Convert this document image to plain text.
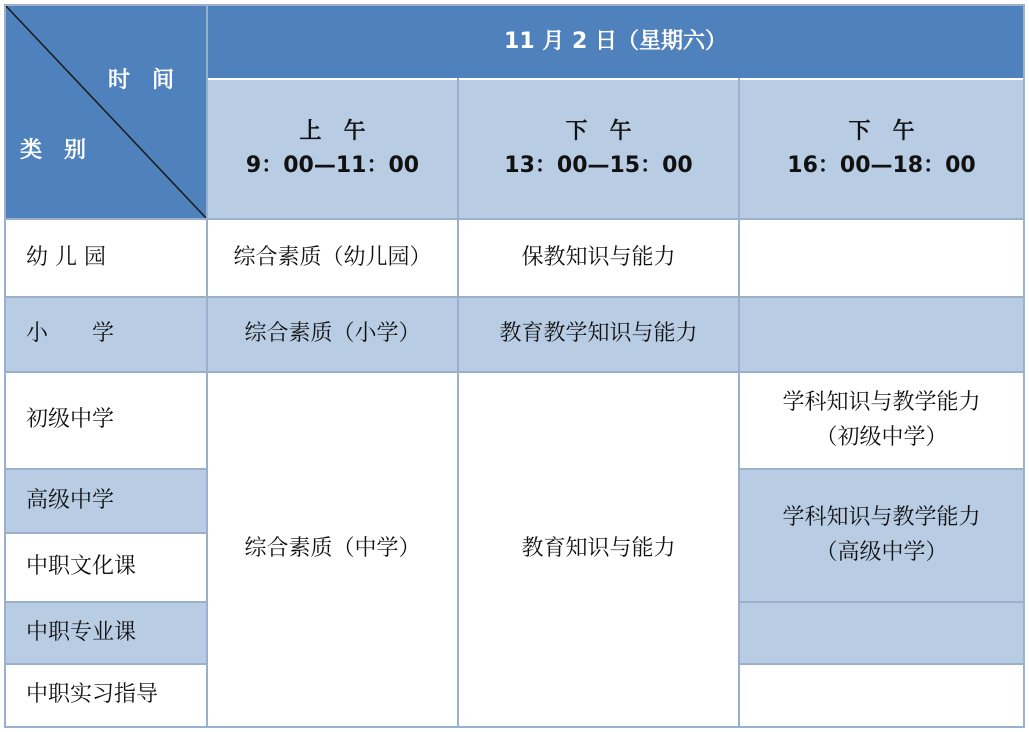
时　间
类　别
11 月 2 日（星期六）
上　午
9：00—11：00
下　午
13：00—15：00
下　午
16：00—18：00
幼 儿 园
小　　学
初级中学
高级中学
中职文化课
中职专业课
中职实习指导
综合素质（幼儿园）
综合素质（小学）
综合素质（中学）
保教知识与能力
教育教学知识与能力
教育知识与能力
学科知识与教学能力
（初级中学）
学科知识与教学能力
（高级中学）
